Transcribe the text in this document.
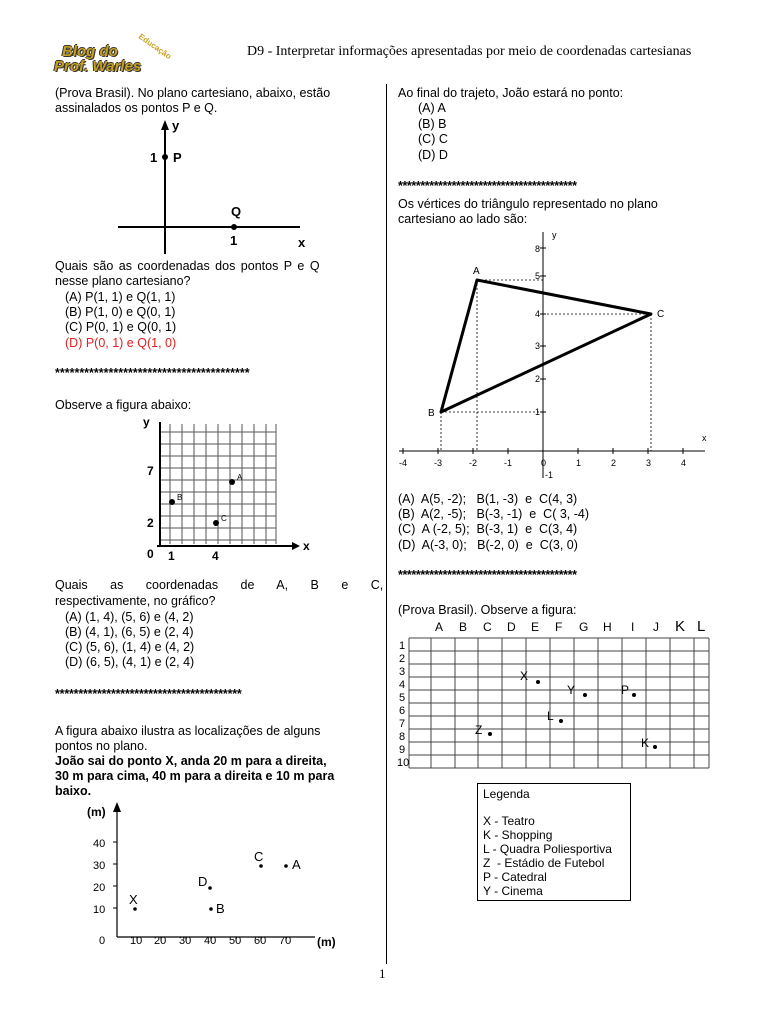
Blog do
Prof. Warles
Educação	D9 - Interpretar informações apresentadas por meio de coordenadas cartesianas
(Prova Brasil). No plano cartesiano, abaixo, estão
assinalados os pontos P e Q.
y
P
1
Q
1	x
Quais são as coordenadas dos pontos P e Q
nesse plano cartesiano?
(A) P(1, 1) e Q(1, 1)
(B) P(1, 0) e Q(0, 1)
(C) P(0, 1) e Q(0, 1)
(D) P(0, 1) e Q(1, 0)
****************************************
Observe a figura abaixo:
y
x
7
2
0 1	4
A
B
C
Quais as coordenadas de A, B e C,
respectivamente, no gráfico?
(A) (1, 4), (5, 6) e (4, 2)
(B) (4, 1), (6, 5) e (2, 4)
(C) (5, 6), (1, 4) e (4, 2)
(D) (6, 5), (4, 1) e (2, 4)
****************************************
A figura abaixo ilustra as localizações de alguns
pontos no plano.
João sai do ponto X, anda 20 m para a direita,
30 m para cima, 40 m para a direita e 10 m para
baixo.
(m)
(m)
40
30
20
10
0 10 20 30 40 50 60 70
X
D
C
A
B
Ao final do trajeto, João estará no ponto:
(A) A
(B) B
(C) C
(D) D
****************************************
Os vértices do triângulo representado no plano
cartesiano ao lado são:
y
x
8
5
4
3
2
1
-1
-4	-3	-2	-1	0	1	2	3	4
A
B
C
(A)  A(5, -2);   B(1, -3)  e  C(4, 3)
(B)  A(2, -5);   B(-3, -1)  e  C( 3, -4)
(C)  A (-2, 5);  B(-3, 1)  e  C(3, 4)
(D)  A(-3, 0);   B(-2, 0)  e  C(3, 0)
****************************************
(Prova Brasil). Observe a figura:
A B C D E F G H I J K L
1
2
3
4
5
6
7
8
9
10
X
Y	P
L
Z
K
Legenda
X - Teatro
K - Shopping
L - Quadra Poliesportiva
Z  - Estádio de Futebol
P - Catedral
Y - Cinema
1
